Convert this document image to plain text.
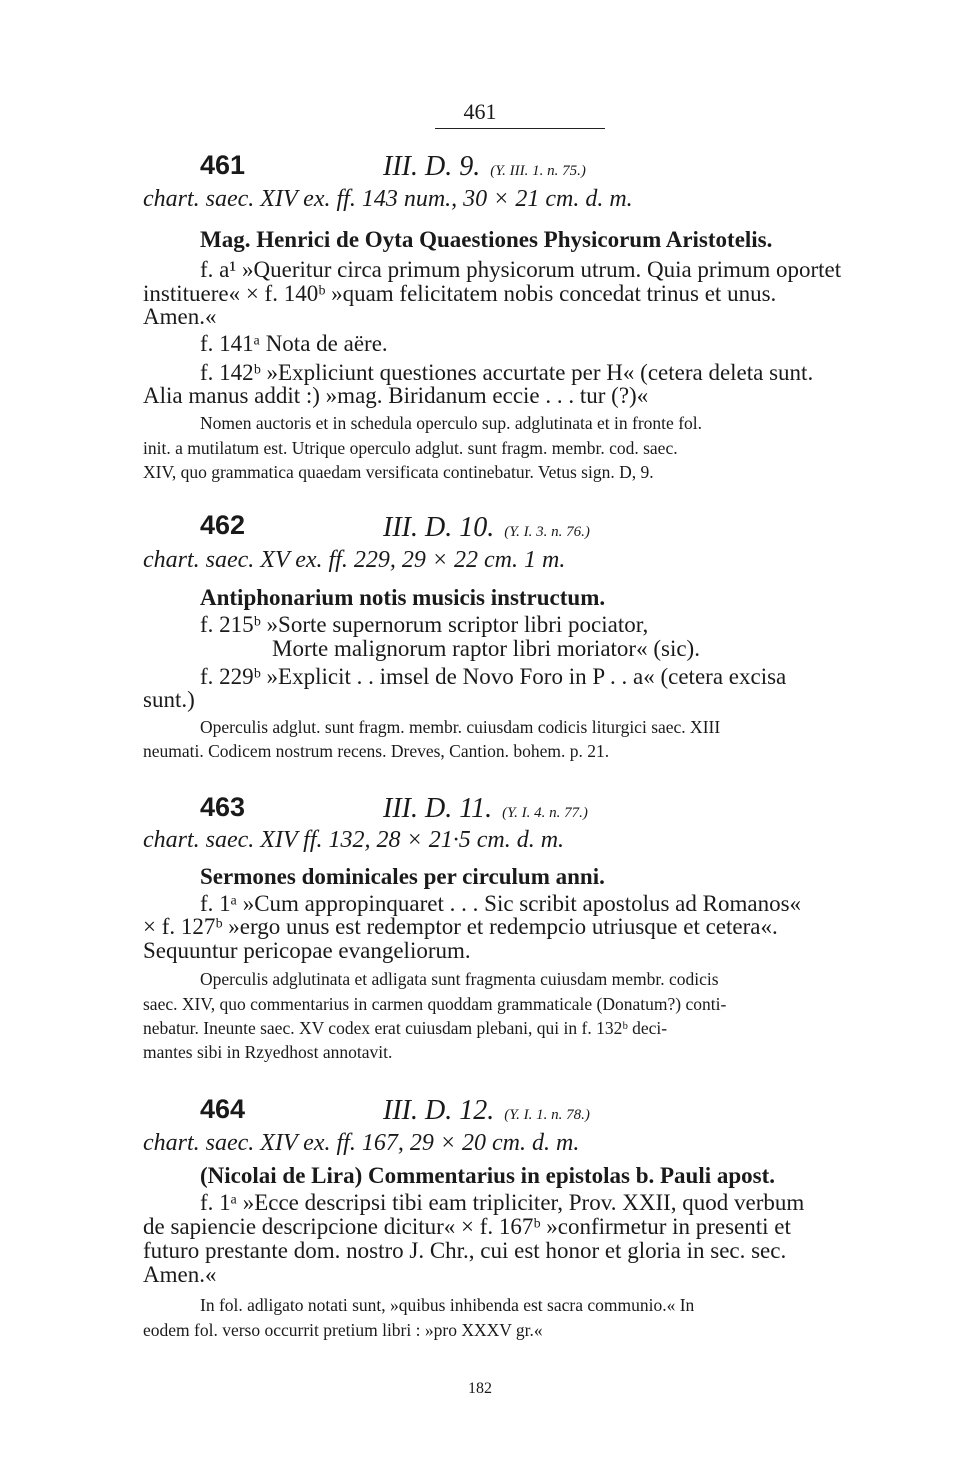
461
461	III. D. 9. (Y. III. 1. n. 75.)
chart. saec. XIV ex. ff. 143 num., 30 × 21 cm. d. m.
Mag. Henrici de Oyta Quaestiones Physicorum Aristotelis.
f. a¹ »Queritur circa primum physicorum utrum. Quia primum oportet
instituere« × f. 140ᵇ »quam felicitatem nobis concedat trinus et unus.
Amen.«
f. 141ᵃ Nota de aëre.
f. 142ᵇ »Expliciunt questiones accurtate per H« (cetera deleta sunt.
Alia manus addit :) »mag. Biridanum eccie . . . tur (?)«
Nomen auctoris et in schedula operculo sup. adglutinata et in fronte fol.
init. a mutilatum est. Utrique operculo adglut. sunt fragm. membr. cod. saec.
XIV, quo grammatica quaedam versificata continebatur. Vetus sign. D, 9.
462	III. D. 10. (Y. I. 3. n. 76.)
chart. saec. XV ex. ff. 229, 29 × 22 cm. 1 m.
Antiphonarium notis musicis instructum.
f. 215ᵇ »Sorte supernorum scriptor libri pociator,
Morte malignorum raptor libri moriator« (sic).
f. 229ᵇ »Explicit . . imsel de Novo Foro in P . . a« (cetera excisa
sunt.)
Operculis adglut. sunt fragm. membr. cuiusdam codicis liturgici saec. XIII
neumati. Codicem nostrum recens. Dreves, Cantion. bohem. p. 21.
463	III. D. 11. (Y. I. 4. n. 77.)
chart. saec. XIV ff. 132, 28 × 21·5 cm. d. m.
Sermones dominicales per circulum anni.
f. 1ᵃ »Cum appropinquaret . . . Sic scribit apostolus ad Romanos«
× f. 127ᵇ »ergo unus est redemptor et redempcio utriusque et cetera«.
Sequuntur pericopae evangeliorum.
Operculis adglutinata et adligata sunt fragmenta cuiusdam membr. codicis
saec. XIV, quo commentarius in carmen quoddam grammaticale (Donatum?) conti-
nebatur. Ineunte saec. XV codex erat cuiusdam plebani, qui in f. 132ᵇ deci-
mantes sibi in Rzyedhost annotavit.
464	III. D. 12. (Y. I. 1. n. 78.)
chart. saec. XIV ex. ff. 167, 29 × 20 cm. d. m.
(Nicolai de Lira) Commentarius in epistolas b. Pauli apost.
f. 1ᵃ »Ecce descripsi tibi eam tripliciter, Prov. XXII, quod verbum
de sapiencie descripcione dicitur« × f. 167ᵇ »confirmetur in presenti et
futuro prestante dom. nostro J. Chr., cui est honor et gloria in sec. sec.
Amen.«
In fol. adligato notati sunt, »quibus inhibenda est sacra communio.« In
eodem fol. verso occurrit pretium libri : »pro XXXV gr.«
182
